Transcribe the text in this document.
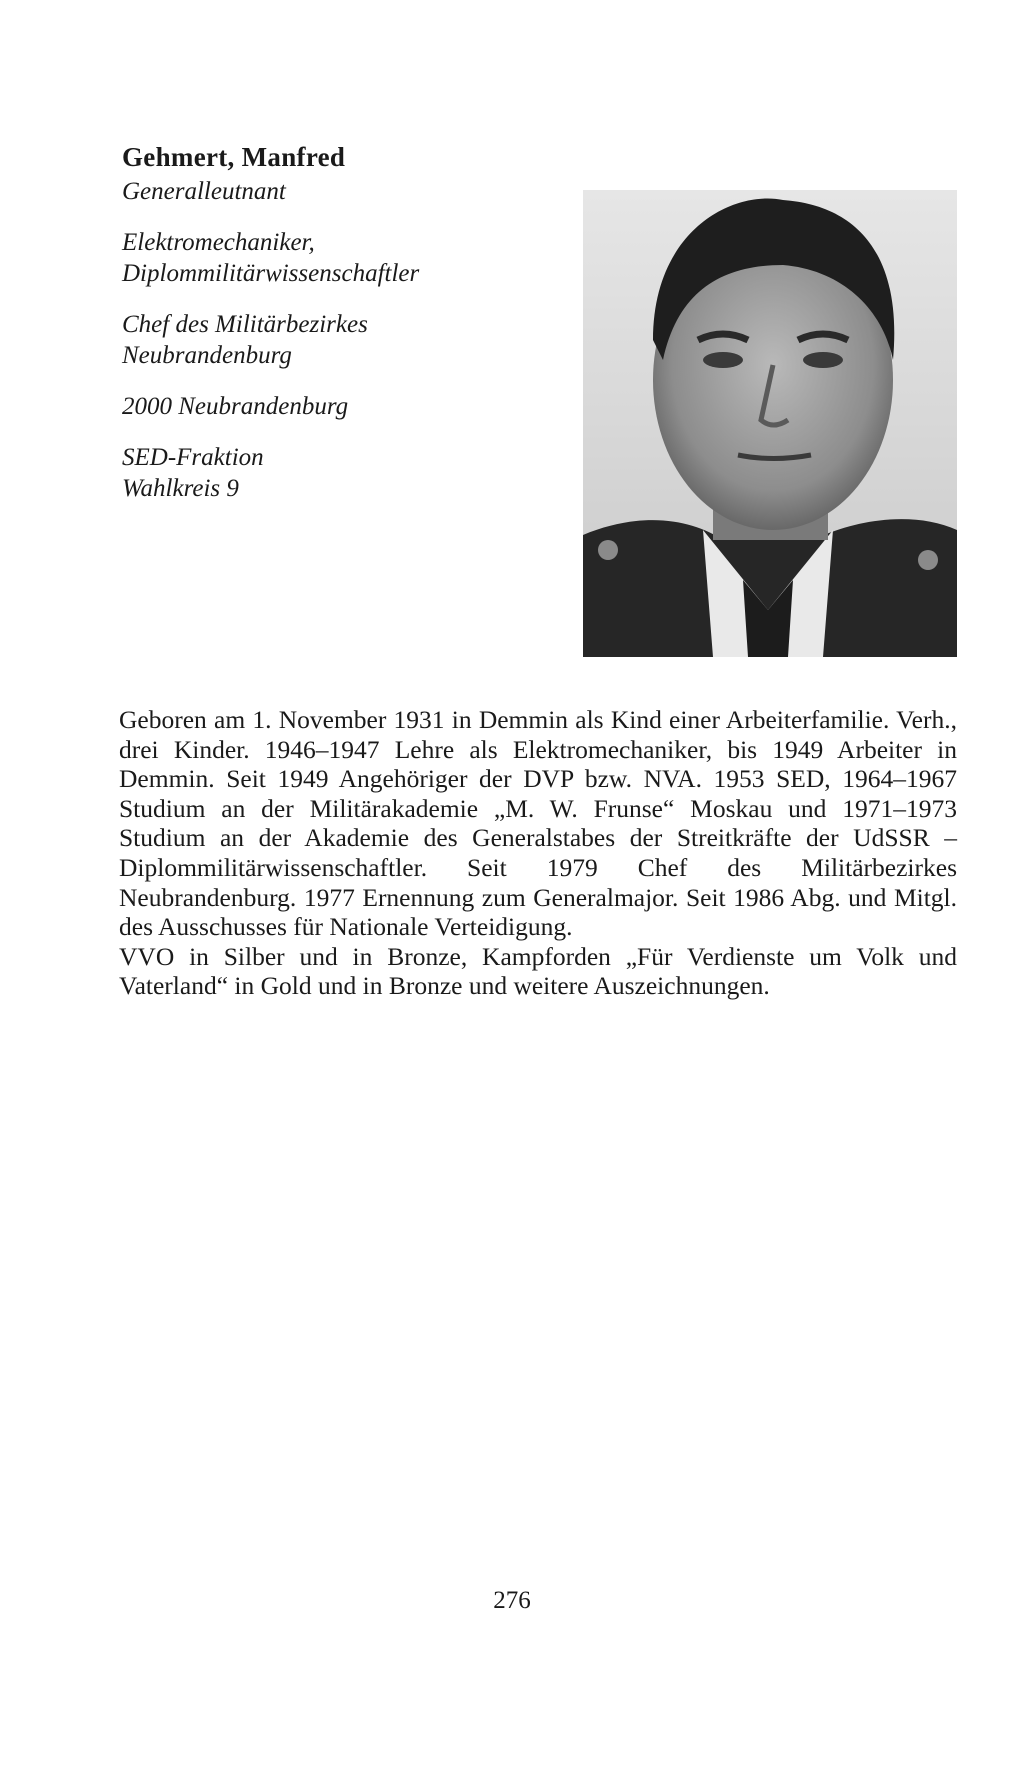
Gehmert, Manfred

Generalleutnant

Elektromechaniker,

Diplommilitärwissenschaftler

Chef des Militärbezirkes

Neubrandenburg

2000 Neubrandenburg

SED-Fraktion

Wahlkreis 9

Geboren am 1. November 1931 in Demmin als Kind einer Arbeiterfamilie. Verh., drei Kinder. 1946–1947 Lehre als Elektromechaniker, bis 1949 Arbeiter in Demmin. Seit 1949 Angehöriger der DVP bzw. NVA. 1953 SED, 1964–1967 Studium an der Militärakademie „M. W. Frunse“ Moskau und 1971–1973 Studium an der Akademie des Generalstabes der Streitkräfte der UdSSR – Diplommilitärwissenschaftler. Seit 1979 Chef des Militärbezirkes Neubrandenburg. 1977 Ernennung zum Generalmajor. Seit 1986 Abg. und Mitgl. des Ausschusses für Nationale Verteidigung.

VVO in Silber und in Bronze, Kampforden „Für Verdienste um Volk und Vaterland“ in Gold und in Bronze und weitere Auszeichnungen.

276
